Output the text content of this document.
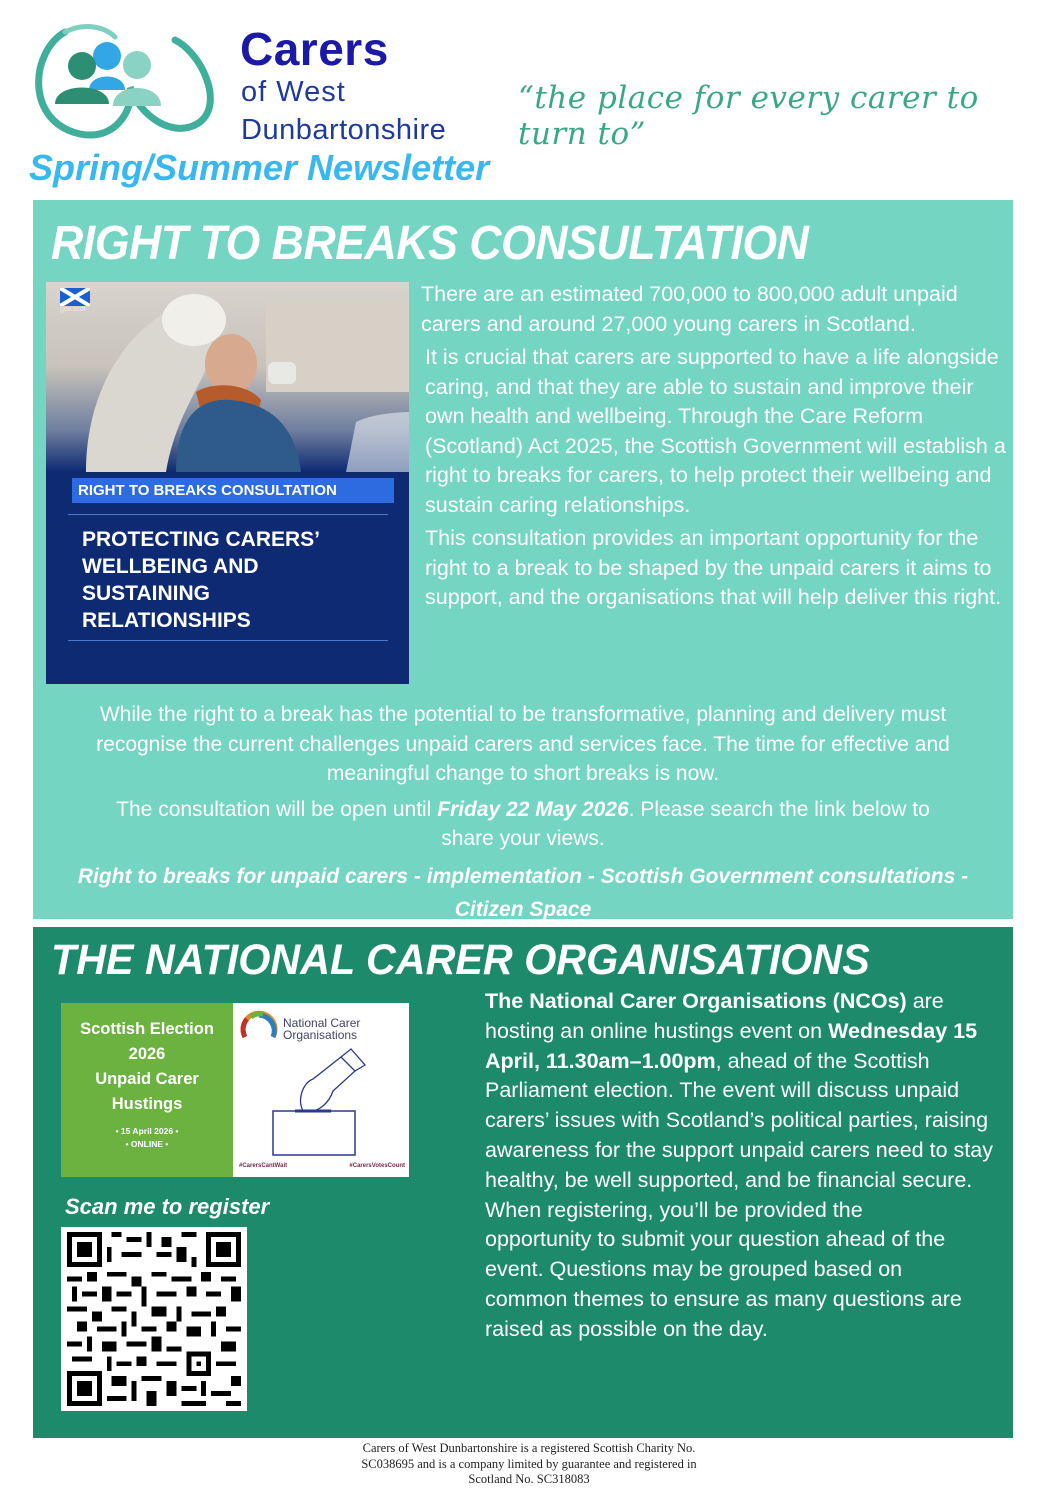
Carers
of West
Dunbartonshire
“the place for every carer to turn to”
Spring/Summer Newsletter
RIGHT TO BREAKS CONSULTATION
gov.scot
RIGHT TO BREAKS CONSULTATION
PROTECTING CARERS’
WELLBEING AND
SUSTAINING
RELATIONSHIPS

There are an estimated 700,000 to 800,000 adult unpaid carers and around 27,000 young carers in Scotland.

It is crucial that carers are supported to have a life alongside caring, and that they are able to sustain and improve their own health and wellbeing. Through the Care Reform (Scotland) Act 2025, the Scottish Government will establish a right to breaks for carers, to help protect their wellbeing and sustain caring relationships.

This consultation provides an important opportunity for the right to a break to be shaped by the unpaid carers it aims to support, and the organisations that will help deliver this right.

While the right to a break has the potential to be transformative, planning and delivery must recognise the current challenges unpaid carers and services face. The time for effective and meaningful change to short breaks is now.

The consultation will be open until Friday 22 May 2026. Please search the link below to share your views.

Right to breaks for unpaid carers - implementation - Scottish Government consultations - Citizen Space

THE NATIONAL CARER ORGANISATIONS
Scottish Election
2026
Unpaid Carer
Hustings
• 15 April 2026 •
• ONLINE •
National Carer
Organisations
#CarersCantWait	#CarersVotesCount
Scan me to register

The National Carer Organisations (NCOs) are hosting an online hustings event on Wednesday 15 April, 11.30am–1.00pm, ahead of the Scottish Parliament election. The event will discuss unpaid carers’ issues with Scotland’s political parties, raising awareness for the support unpaid carers need to stay healthy, be well supported, and be financial secure.

When registering, you’ll be provided the opportunity to submit your question ahead of the event. Questions may be grouped based on common themes to ensure as many questions are raised as possible on the day.

Carers of West Dunbartonshire is a registered Scottish Charity No. SC038695 and is a company limited by guarantee and registered in Scotland No. SC318083
